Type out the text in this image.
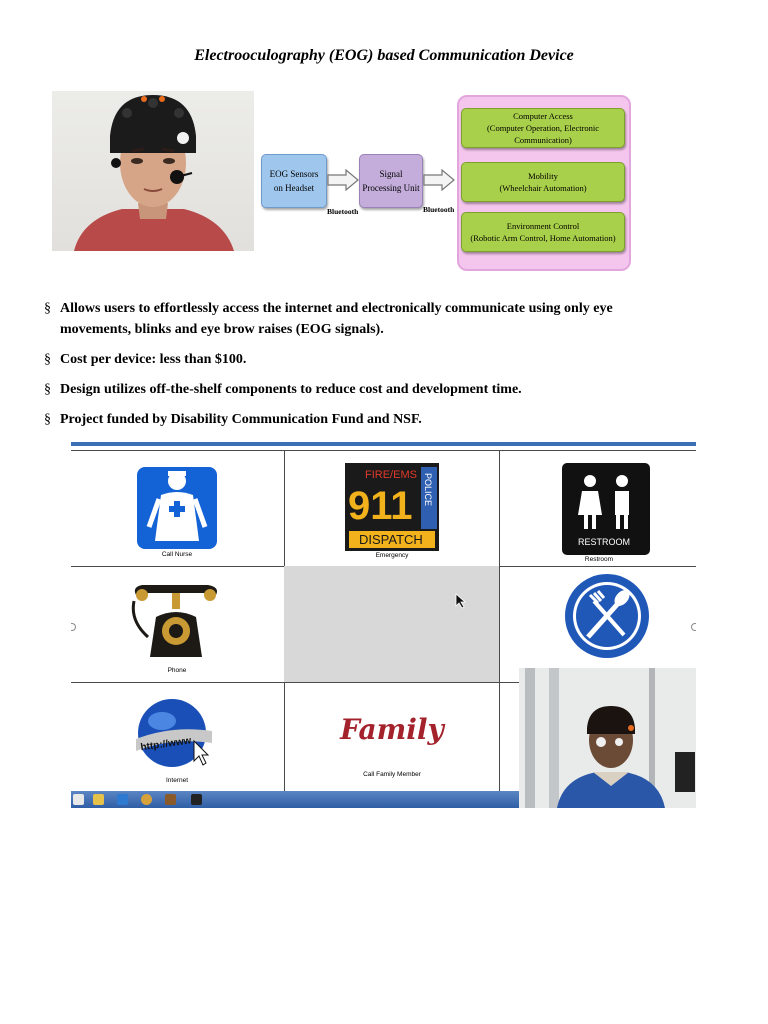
Electrooculography (EOG) based Communication Device
EOG Sensors
on Headset
Bluetooth
Signal
Processing Unit
Bluetooth
Computer Access
(Computer Operation, Electronic Communication)
Mobility
(Wheelchair Automation)
Environment Control
(Robotic Arm Control, Home Automation)
§ Allows users to effortlessly access the internet and electronically communicate using only eye movements, blinks and eye brow raises (EOG signals).
§ Cost per device: less than $100.
§ Design utilizes off-the-shelf components to reduce cost and development time.
§ Project funded by Disability Communication Fund and NSF.
Call Nurse
FIRE/EMS
911 POLICE
DISPATCH
Emergency
RESTROOM
Restroom
Phone
http://www
Internet
Family
Call Family Member
